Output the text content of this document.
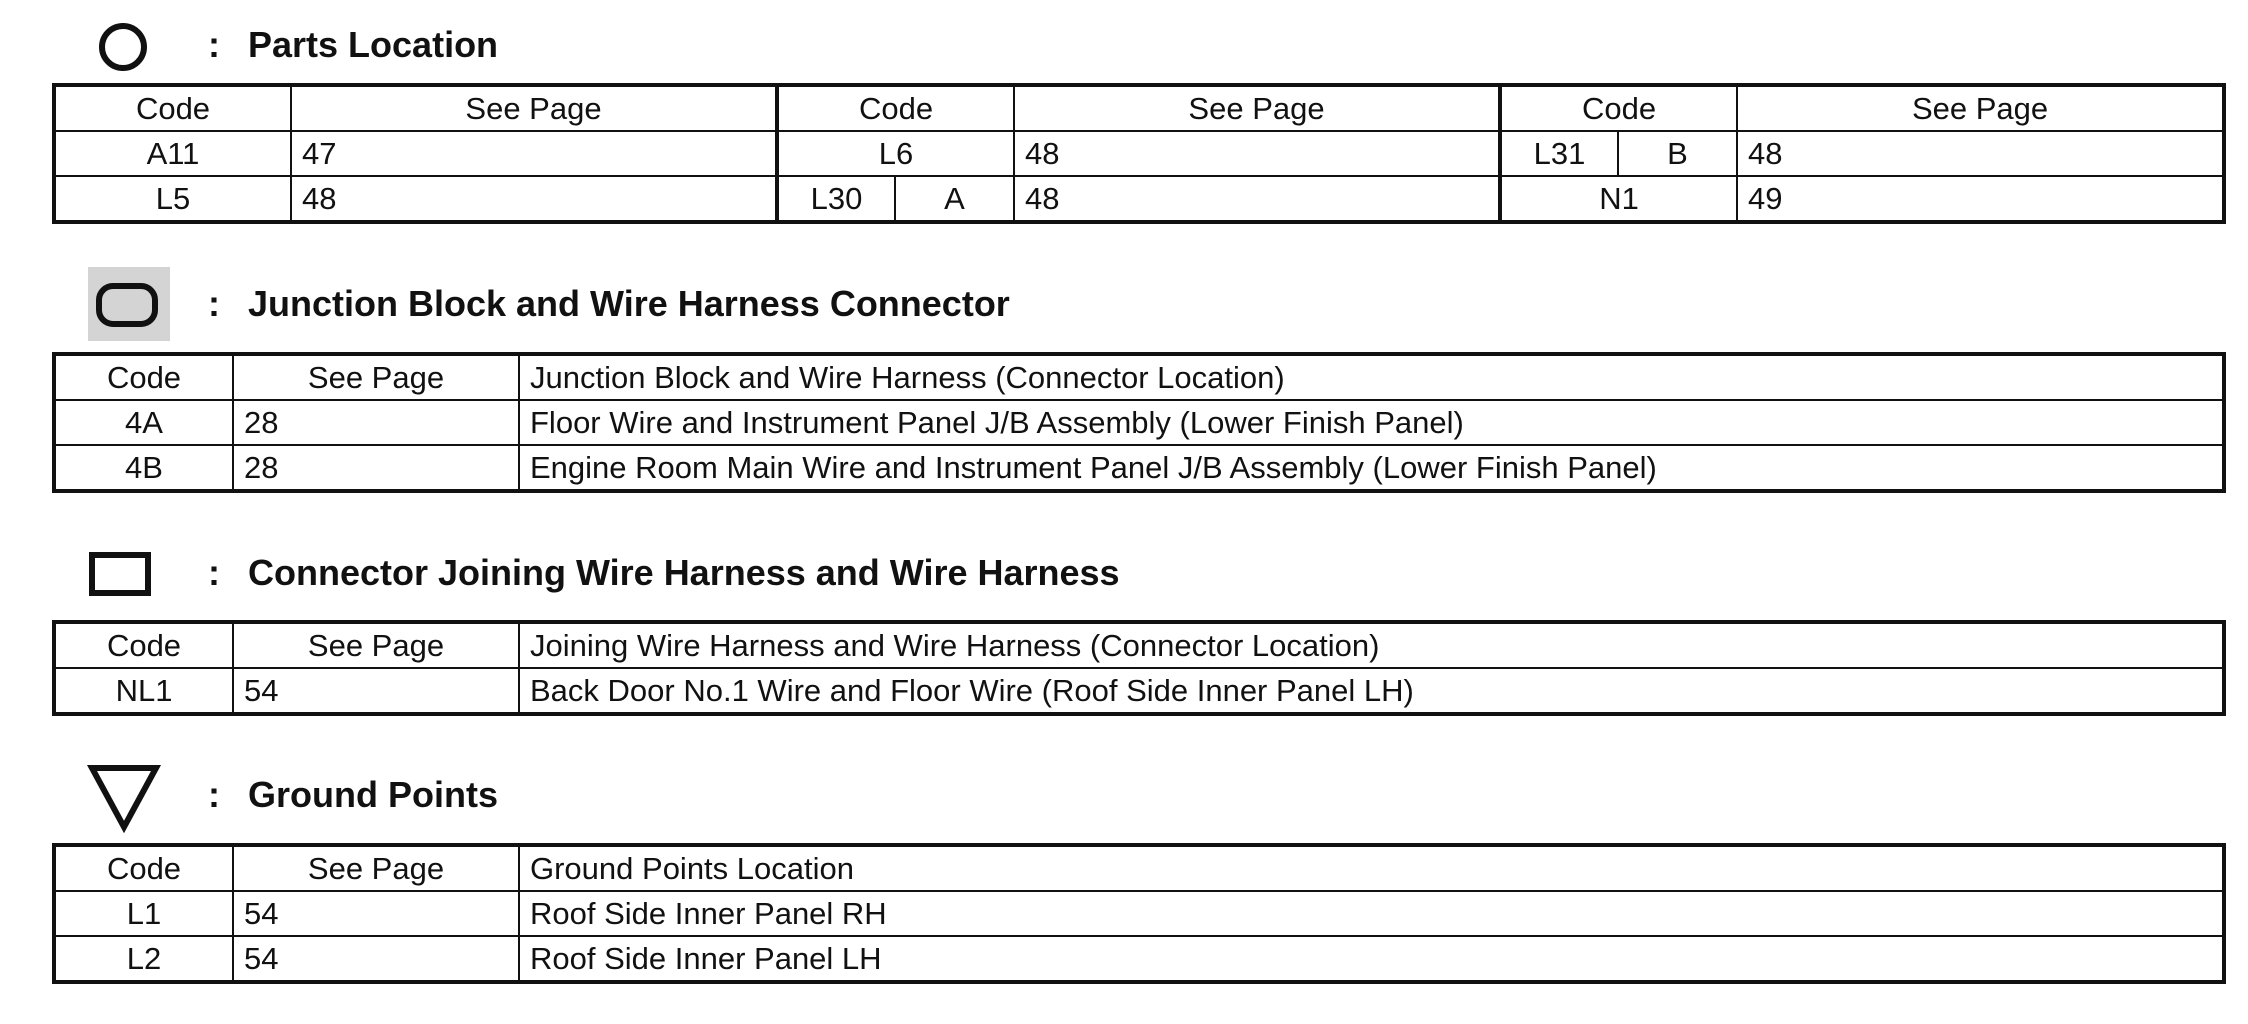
: Parts Location
Code	See Page	Code		See Page	Code		See Page
A11	47	L6		48	L31	B	48
L5	48	L30	A	48	N1		49
: Junction Block and Wire Harness Connector
Code	See Page	Junction Block and Wire Harness (Connector Location)
4A	28	Floor Wire and Instrument Panel J/B Assembly (Lower Finish Panel)
4B	28	Engine Room Main Wire and Instrument Panel J/B Assembly (Lower Finish Panel)
: Connector Joining Wire Harness and Wire Harness
Code	See Page	Joining Wire Harness and Wire Harness (Connector Location)
NL1	54	Back Door No.1 Wire and Floor Wire (Roof Side Inner Panel LH)
: Ground Points
Code	See Page	Ground Points Location
L1	54	Roof Side Inner Panel RH
L2	54	Roof Side Inner Panel LH
